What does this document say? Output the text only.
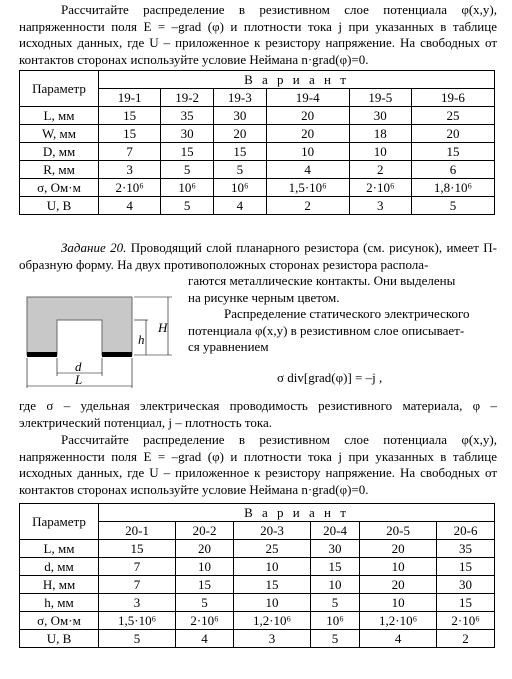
Рассчитайте распределение в резистивном слое потенциала φ(x,y), напряженности поля E = –grad (φ) и плотности тока j при указанных в таблице исходных данных, где U – приложенное к резистору напряжение. На свободных от контактов сторонах используйте условие Неймана n·grad(φ)=0.

Параметр	В а р и а н т					
	19-1	19-2	19-3	19-4	19-5	19-6
L, мм	15	35	30	20	30	25
W, мм	15	30	20	20	18	20
D, мм	7	15	15	10	10	15
R, мм	3	5	5	4	2	6
σ, Ом·м	2·10⁶	10⁶	10⁶	1,5·10⁶	2·10⁶	1,8·10⁶
U, В	4	5	4	2	3	5

Задание 20. Проводящий слой планарного резистора (см. рисунок), имеет П-образную форму. На двух противоположных сторонах резистора распола-

гаются металлические контакты. Они выделены
на рисунке черным цветом.
Распределение статического электрического
потенциала φ(x,y) в резистивном слое описывает-
ся уравнением
h
H
d
L	σ div[grad(φ)] = –j ,

где σ – удельная электрическая проводимость резистивного материала, φ – электрический потенциал, j – плотность тока.

Рассчитайте распределение в резистивном слое потенциала φ(x,y), напряженности поля E = –grad (φ) и плотности тока j при указанных в таблице исходных данных, где U – приложенное к резистору напряжение. На свободных от контактов сторонах используйте условие Неймана n·grad(φ)=0.

Параметр	В а р и а н т					
	20-1	20-2	20-3	20-4	20-5	20-6
L, мм	15	20	25	30	20	35
d, мм	7	10	10	15	10	15
H, мм	7	15	15	10	20	30
h, мм	3	5	10	5	10	15
σ, Ом·м	1,5·10⁶	2·10⁶	1,2·10⁶	10⁶	1,2·10⁶	2·10⁶
U, В	5	4	3	5	4	2
